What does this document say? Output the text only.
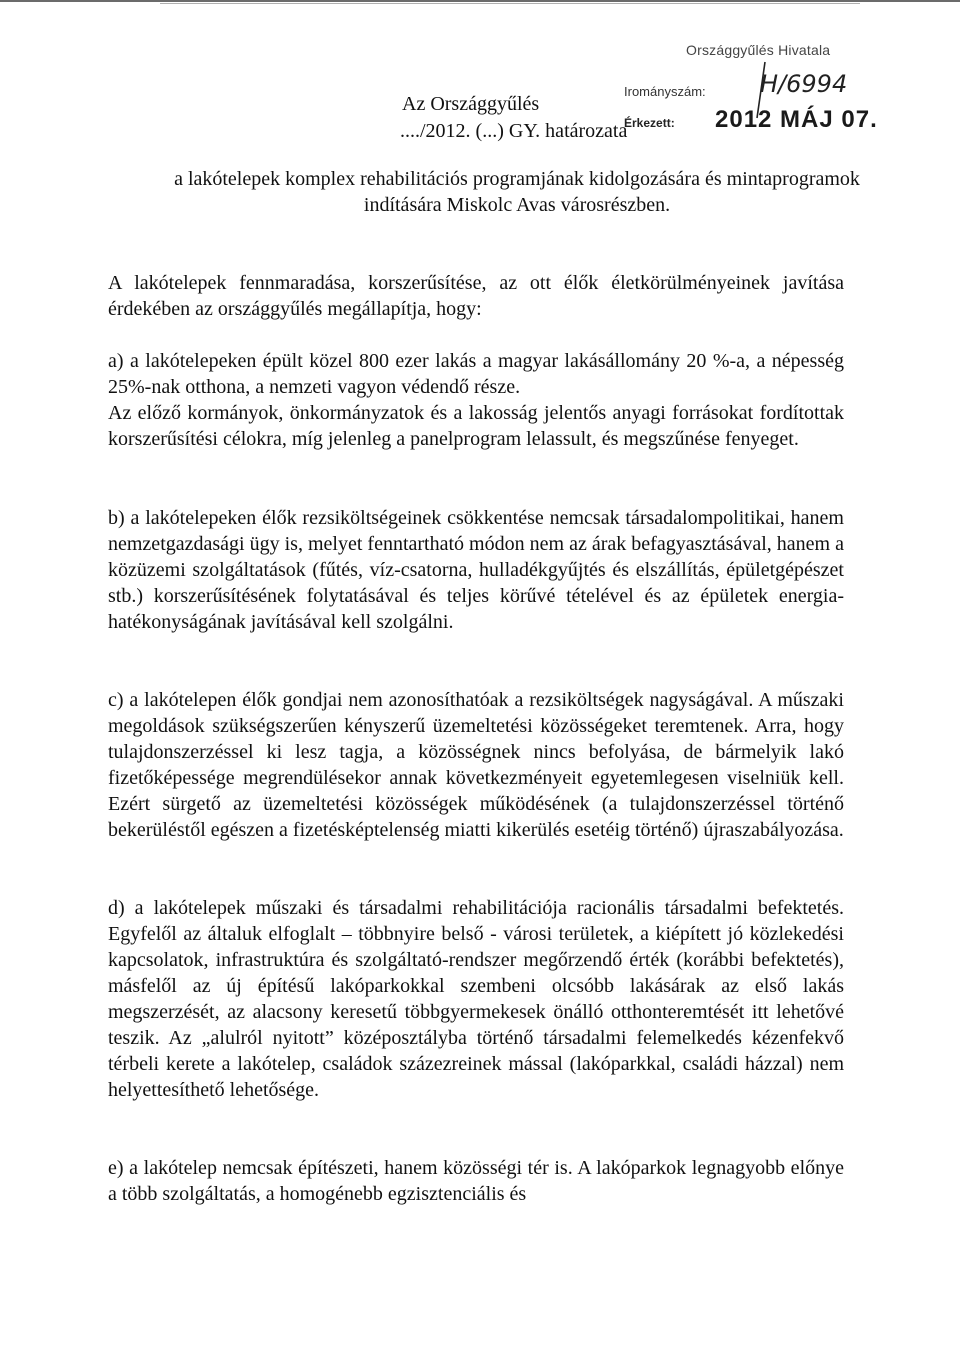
Országgyűlés Hivatala
Irományszám: H/6994
Érkezett: 2012 MÁJ 07.
Az Országgyűlés
..../2012. (...) GY. határozata
a lakótelepek komplex rehabilitációs programjának kidolgozására és mintaprogramok indítására Miskolc Avas városrészben.

A lakótelepek fennmaradása, korszerűsítése, az ott élők életkörülményeinek javítása érdekében az országgyűlés megállapítja, hogy:

a) a lakótelepeken épült közel 800 ezer lakás a magyar lakásállomány 20 %-a, a népesség 25%-nak otthona, a nemzeti vagyon védendő része.

Az előző kormányok, önkormányzatok és a lakosság jelentős anyagi forrásokat fordítottak korszerűsítési célokra, míg jelenleg a panelprogram lelassult, és megszűnése fenyeget.

b) a lakótelepeken élők rezsiköltségeinek csökkentése nemcsak társadalompolitikai, hanem nemzetgazdasági ügy is, melyet fenntartható módon nem az árak befagyasztásával, hanem a közüzemi szolgáltatások (fűtés, víz-csatorna, hulladékgyűjtés és elszállítás, épületgépészet stb.) korszerűsítésének folytatásával és teljes körűvé tételével és az épületek energia-hatékonyságának javításával kell szolgálni.

c) a lakótelepen élők gondjai nem azonosíthatóak a rezsiköltségek nagyságával. A műszaki megoldások szükségszerűen kényszerű üzemeltetési közösségeket teremtenek. Arra, hogy tulajdonszerzéssel ki lesz tagja, a közösségnek nincs befolyása, de bármelyik lakó fizetőképessége megrendülésekor annak következményeit egyetemlegesen viselniük kell. Ezért sürgető az üzemeltetési közösségek működésének (a tulajdonszerzéssel történő bekerüléstől egészen a fizetésképtelenség miatti kikerülés esetéig történő) újraszabályozása.

d) a lakótelepek műszaki és társadalmi rehabilitációja racionális társadalmi befektetés. Egyfelől az általuk elfoglalt – többnyire belső - városi területek, a kiépített jó közlekedési kapcsolatok, infrastruktúra és szolgáltató-rendszer megőrzendő érték (korábbi befektetés), másfelől az új építésű lakóparkokkal szembeni olcsóbb lakásárak az első lakás megszerzését, az alacsony keresetű többgyermekesek önálló otthonteremtését itt lehetővé teszik. Az „alulról nyitott” középosztályba történő társadalmi felemelkedés kézenfekvő térbeli kerete a lakótelep, családok százezreinek mással (lakóparkkal, családi házzal) nem helyettesíthető lehetősége.

e) a lakótelep nemcsak építészeti, hanem közösségi tér is. A lakóparkok legnagyobb előnye a több szolgáltatás, a homogénebb egzisztenciális és
